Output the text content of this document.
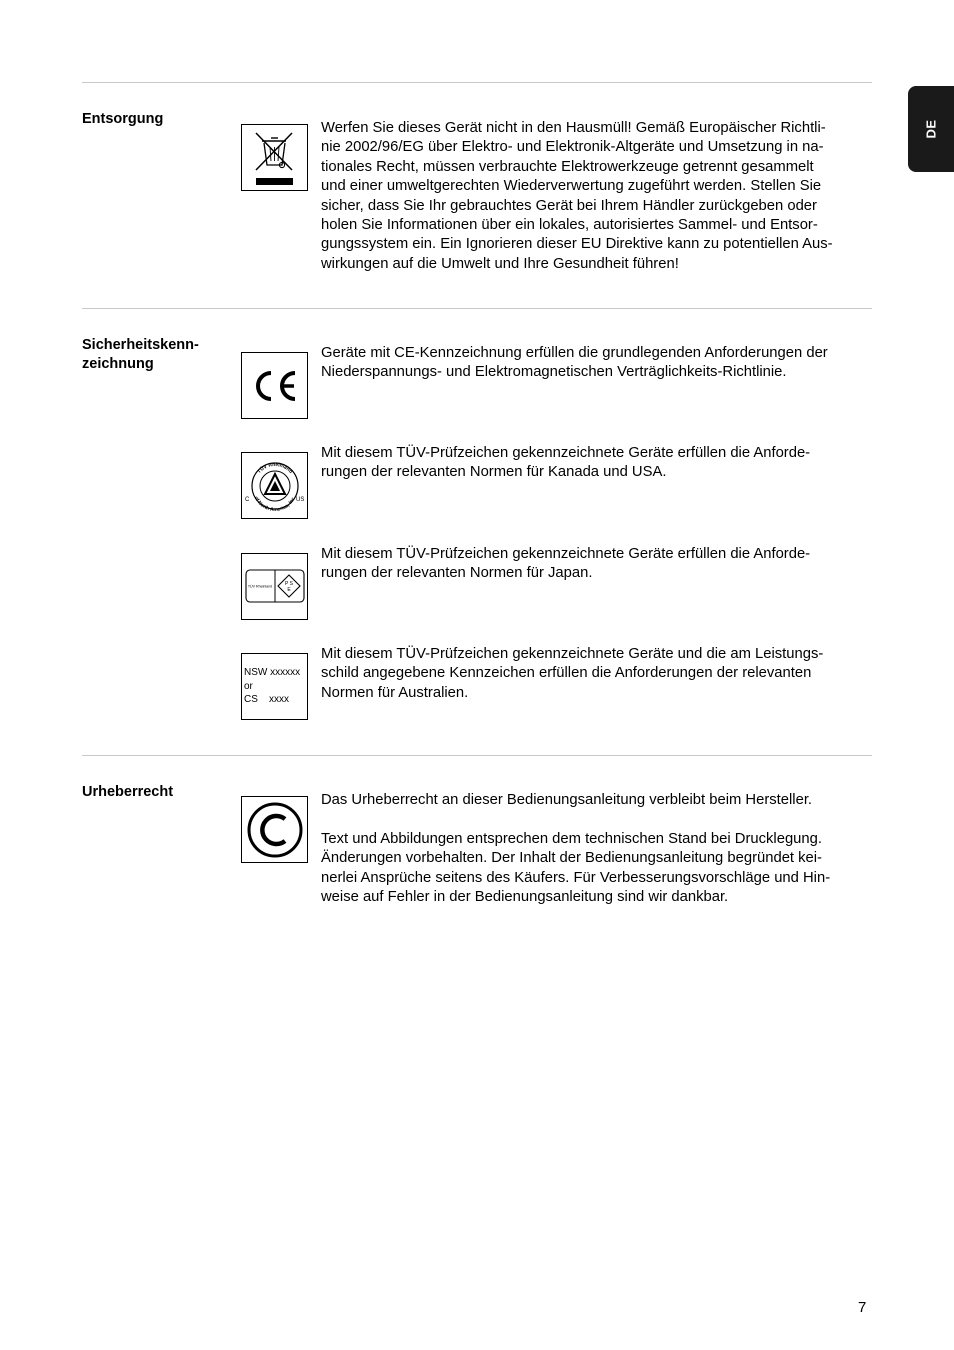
DE
Entsorgung
Werfen Sie dieses Gerät nicht in den Hausmüll! Gemäß Europäischer Richtli-
nie 2002/96/EG über Elektro- und Elektronik-Altgeräte und Umsetzung in na-
tionales Recht, müssen verbrauchte Elektrowerkzeuge getrennt gesammelt
und einer umweltgerechten Wiederverwertung zugeführt werden. Stellen Sie
sicher, dass Sie Ihr gebrauchtes Gerät bei Ihrem Händler zurückgeben oder
holen Sie Informationen über ein lokales, autorisiertes Sammel- und Entsor-
gungssystem ein. Ein Ignorieren dieser EU Direktive kann zu potentiellen Aus-
wirkungen auf die Umwelt und Ihre Gesundheit führen!
Sicherheitskenn-
zeichnung
Geräte mit CE-Kennzeichnung erfüllen die grundlegenden Anforderungen der
Niederspannungs- und Elektromagnetischen Verträglichkeits-Richtlinie.
TÜV Rheinland
of North America, Inc.
C	US
Mit diesem TÜV-Prüfzeichen gekennzeichnete Geräte erfüllen die Anforde-
rungen der relevanten Normen für Kanada und USA.
TÜV Rheinland	P S
E
Mit diesem TÜV-Prüfzeichen gekennzeichnete Geräte erfüllen die Anforde-
rungen der relevanten Normen für Japan.
NSW xxxxxx
or
CS    xxxx
Mit diesem TÜV-Prüfzeichen gekennzeichnete Geräte und die am Leistungs-
schild angegebene Kennzeichen erfüllen die Anforderungen der relevanten
Normen für Australien.
Urheberrecht	Das Urheberrecht an dieser Bedienungsanleitung verbleibt beim Hersteller.
Text und Abbildungen entsprechen dem technischen Stand bei Drucklegung.
Änderungen vorbehalten. Der Inhalt der Bedienungsanleitung begründet kei-
nerlei Ansprüche seitens des Käufers. Für Verbesserungsvorschläge und Hin-
weise auf Fehler in der Bedienungsanleitung sind wir dankbar.
7
